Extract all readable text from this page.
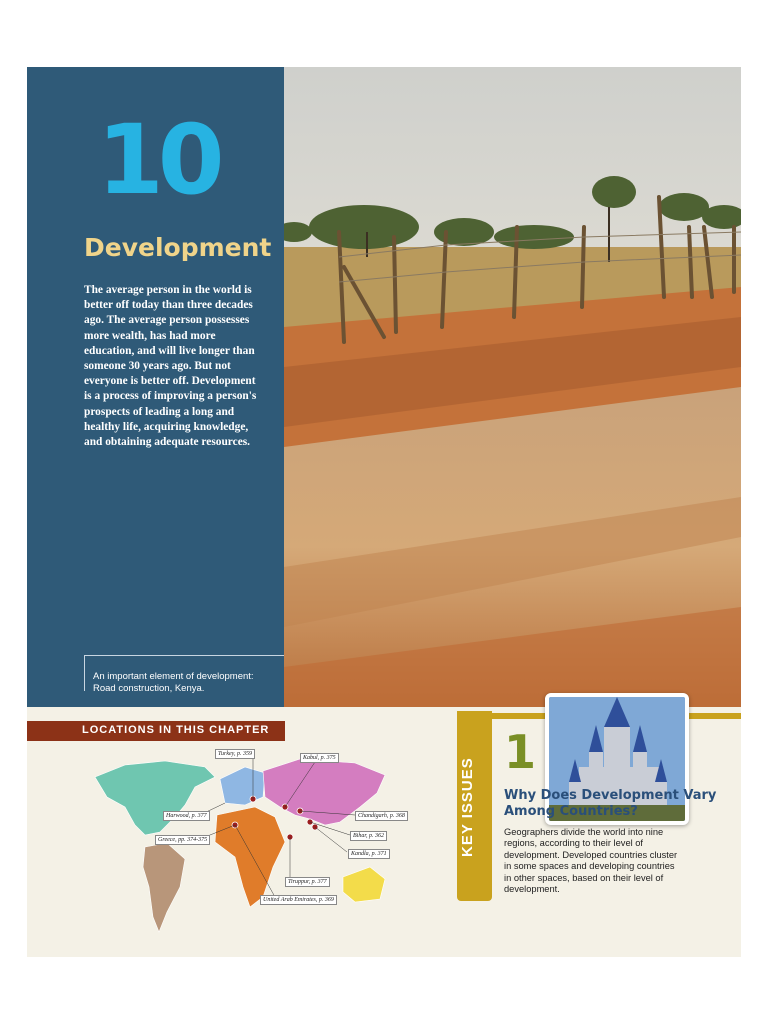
10
Development
The average person in the world is better off today than three decades ago. The average person possesses more wealth, has had more education, and will live longer than someone 30 years ago. But not everyone is better off. Development is a process of improving a person's prospects of leading a long and healthy life, acquiring knowledge, and obtaining adequate resources.
An important element of development: Road construction, Kenya.
LOCATIONS IN THIS CHAPTER
Turkey, p. 359
Kabul, p. 375
Harwood, p. 377	Chandigarh, p. 368
Greece, pp. 374-375
Bihar, p. 362
Kandla, p. 371
Tiruppur, p. 377
United Arab Emirates, p. 369
KEY ISSUES
1
Why Does Development Vary Among Countries?
Geographers divide the world into nine regions, according to their level of development. Developed countries cluster in some spaces and developing countries in other spaces, based on their level of development.
